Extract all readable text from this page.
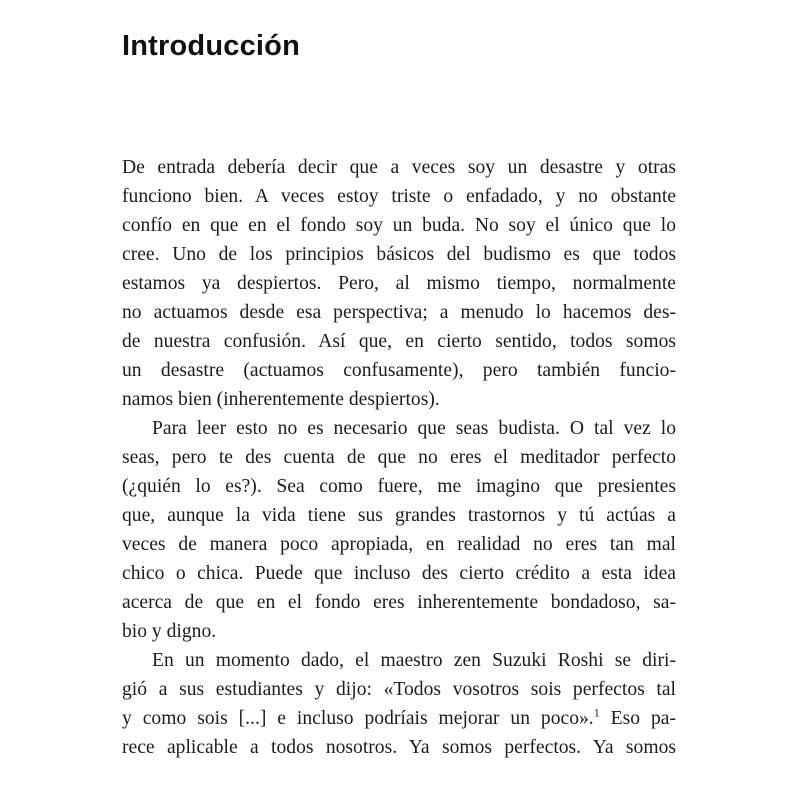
Introducción
De entrada debería decir que a veces soy un desastre y otras
funciono bien. A veces estoy triste o enfadado, y no obstante
confío en que en el fondo soy un buda. No soy el único que lo
cree. Uno de los principios básicos del budismo es que todos
estamos ya despiertos. Pero, al mismo tiempo, normalmente
no actuamos desde esa perspectiva; a menudo lo hacemos des-
de nuestra confusión. Así que, en cierto sentido, todos somos
un desastre (actuamos confusamente), pero también funcio-
namos bien (inherentemente despiertos).
Para leer esto no es necesario que seas budista. O tal vez lo
seas, pero te des cuenta de que no eres el meditador perfecto
(¿quién lo es?). Sea como fuere, me imagino que presientes
que, aunque la vida tiene sus grandes trastornos y tú actúas a
veces de manera poco apropiada, en realidad no eres tan mal
chico o chica. Puede que incluso des cierto crédito a esta idea
acerca de que en el fondo eres inherentemente bondadoso, sa-
bio y digno.
En un momento dado, el maestro zen Suzuki Roshi se diri-
gió a sus estudiantes y dijo: «Todos vosotros sois perfectos tal
y como sois [...] e incluso podríais mejorar un poco».$^1$ Eso pa-
rece aplicable a todos nosotros. Ya somos perfectos. Ya somos
